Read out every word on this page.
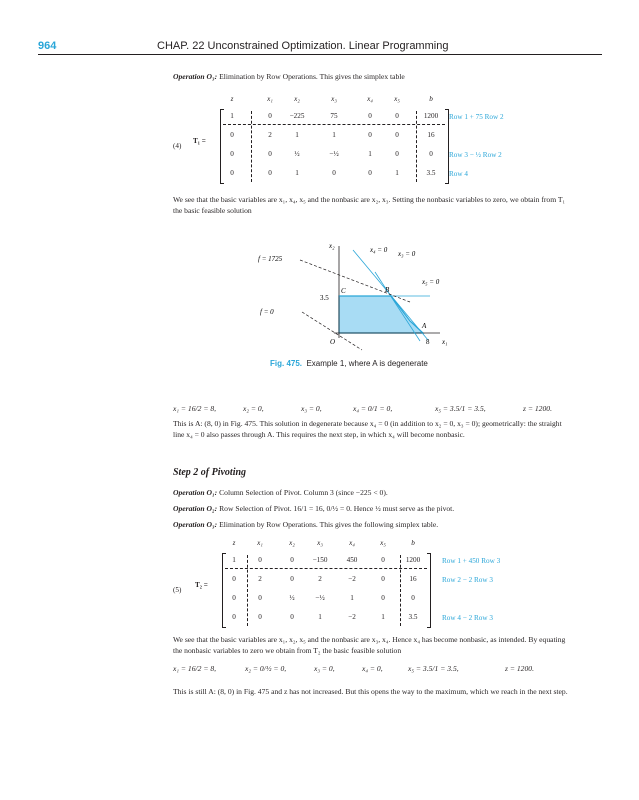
964	CHAP. 22 Unconstrained Optimization. Linear Programming
Operation O₃: Elimination by Row Operations. This gives the simplex table
z	x₁	x₂	x₃	x₄	x₅	b
1	0	−225	75	0	0	1200	Row 1 + 75 Row 2
0	2	1	1	0	0	16
0	0	½	−½	1	0	0	Row 3 − ½ Row 2
0	0	1	0	0	1	3.5	Row 4
(4)
T₁ =
We see that the basic variables are x₁, x₄, x₅ and the nonbasic are x₂, x₃. Setting the nonbasic variables to zero, we obtain from T₁ the basic feasible solution
f = 1725
f = 0
x₄ = 0 x₃ = 0
x₅ = 0
x₂
x₁
3.5
8
O
A
B
C
Fig. 475. Example 1, where A is degenerate
x₁ = 16/2 = 8,	x₂ = 0,	x₃ = 0,	x₄ = 0/1 = 0,	x₅ = 3.5/1 = 3.5,	z = 1200.
This is A: (8, 0) in Fig. 475. This solution in degenerate because x₄ = 0 (in addition to x₂ = 0, x₃ = 0); geometrically: the straight line x₄ = 0 also passes through A. This requires the next step, in which x₄ will become nonbasic.
Step 2 of Pivoting
Operation O₁: Column Selection of Pivot. Column 3 (since −225 < 0).
Operation O₂: Row Selection of Pivot. 16/1 = 16, 0/½ = 0. Hence ½ must serve as the pivot.
Operation O₃: Elimination by Row Operations. This gives the following simplex table.
z	x₁	x₂	x₃	x₄	x₅	b
1	0	0	−150	450	0	1200	Row 1 + 450 Row 3
0	2	0	2	−2	0	16	Row 2 − 2 Row 3
0	0	½	−½	1	0	0
0	0	0	1	−2	1	3.5	Row 4 − 2 Row 3
(5)
T₂ =
We see that the basic variables are x₁, x₂, x₅ and the nonbasic are x₃, x₄. Hence x₄ has become nonbasic, as intended. By equating the nonbasic variables to zero we obtain from T₂ the basic feasible solution
x₁ = 16/2 = 8,	x₂ = 0/½ = 0,	x₃ = 0,	x₄ = 0,	x₅ = 3.5/1 = 3.5,	z = 1200.
This is still A: (8, 0) in Fig. 475 and z has not increased. But this opens the way to the maximum, which we reach in the next step.
